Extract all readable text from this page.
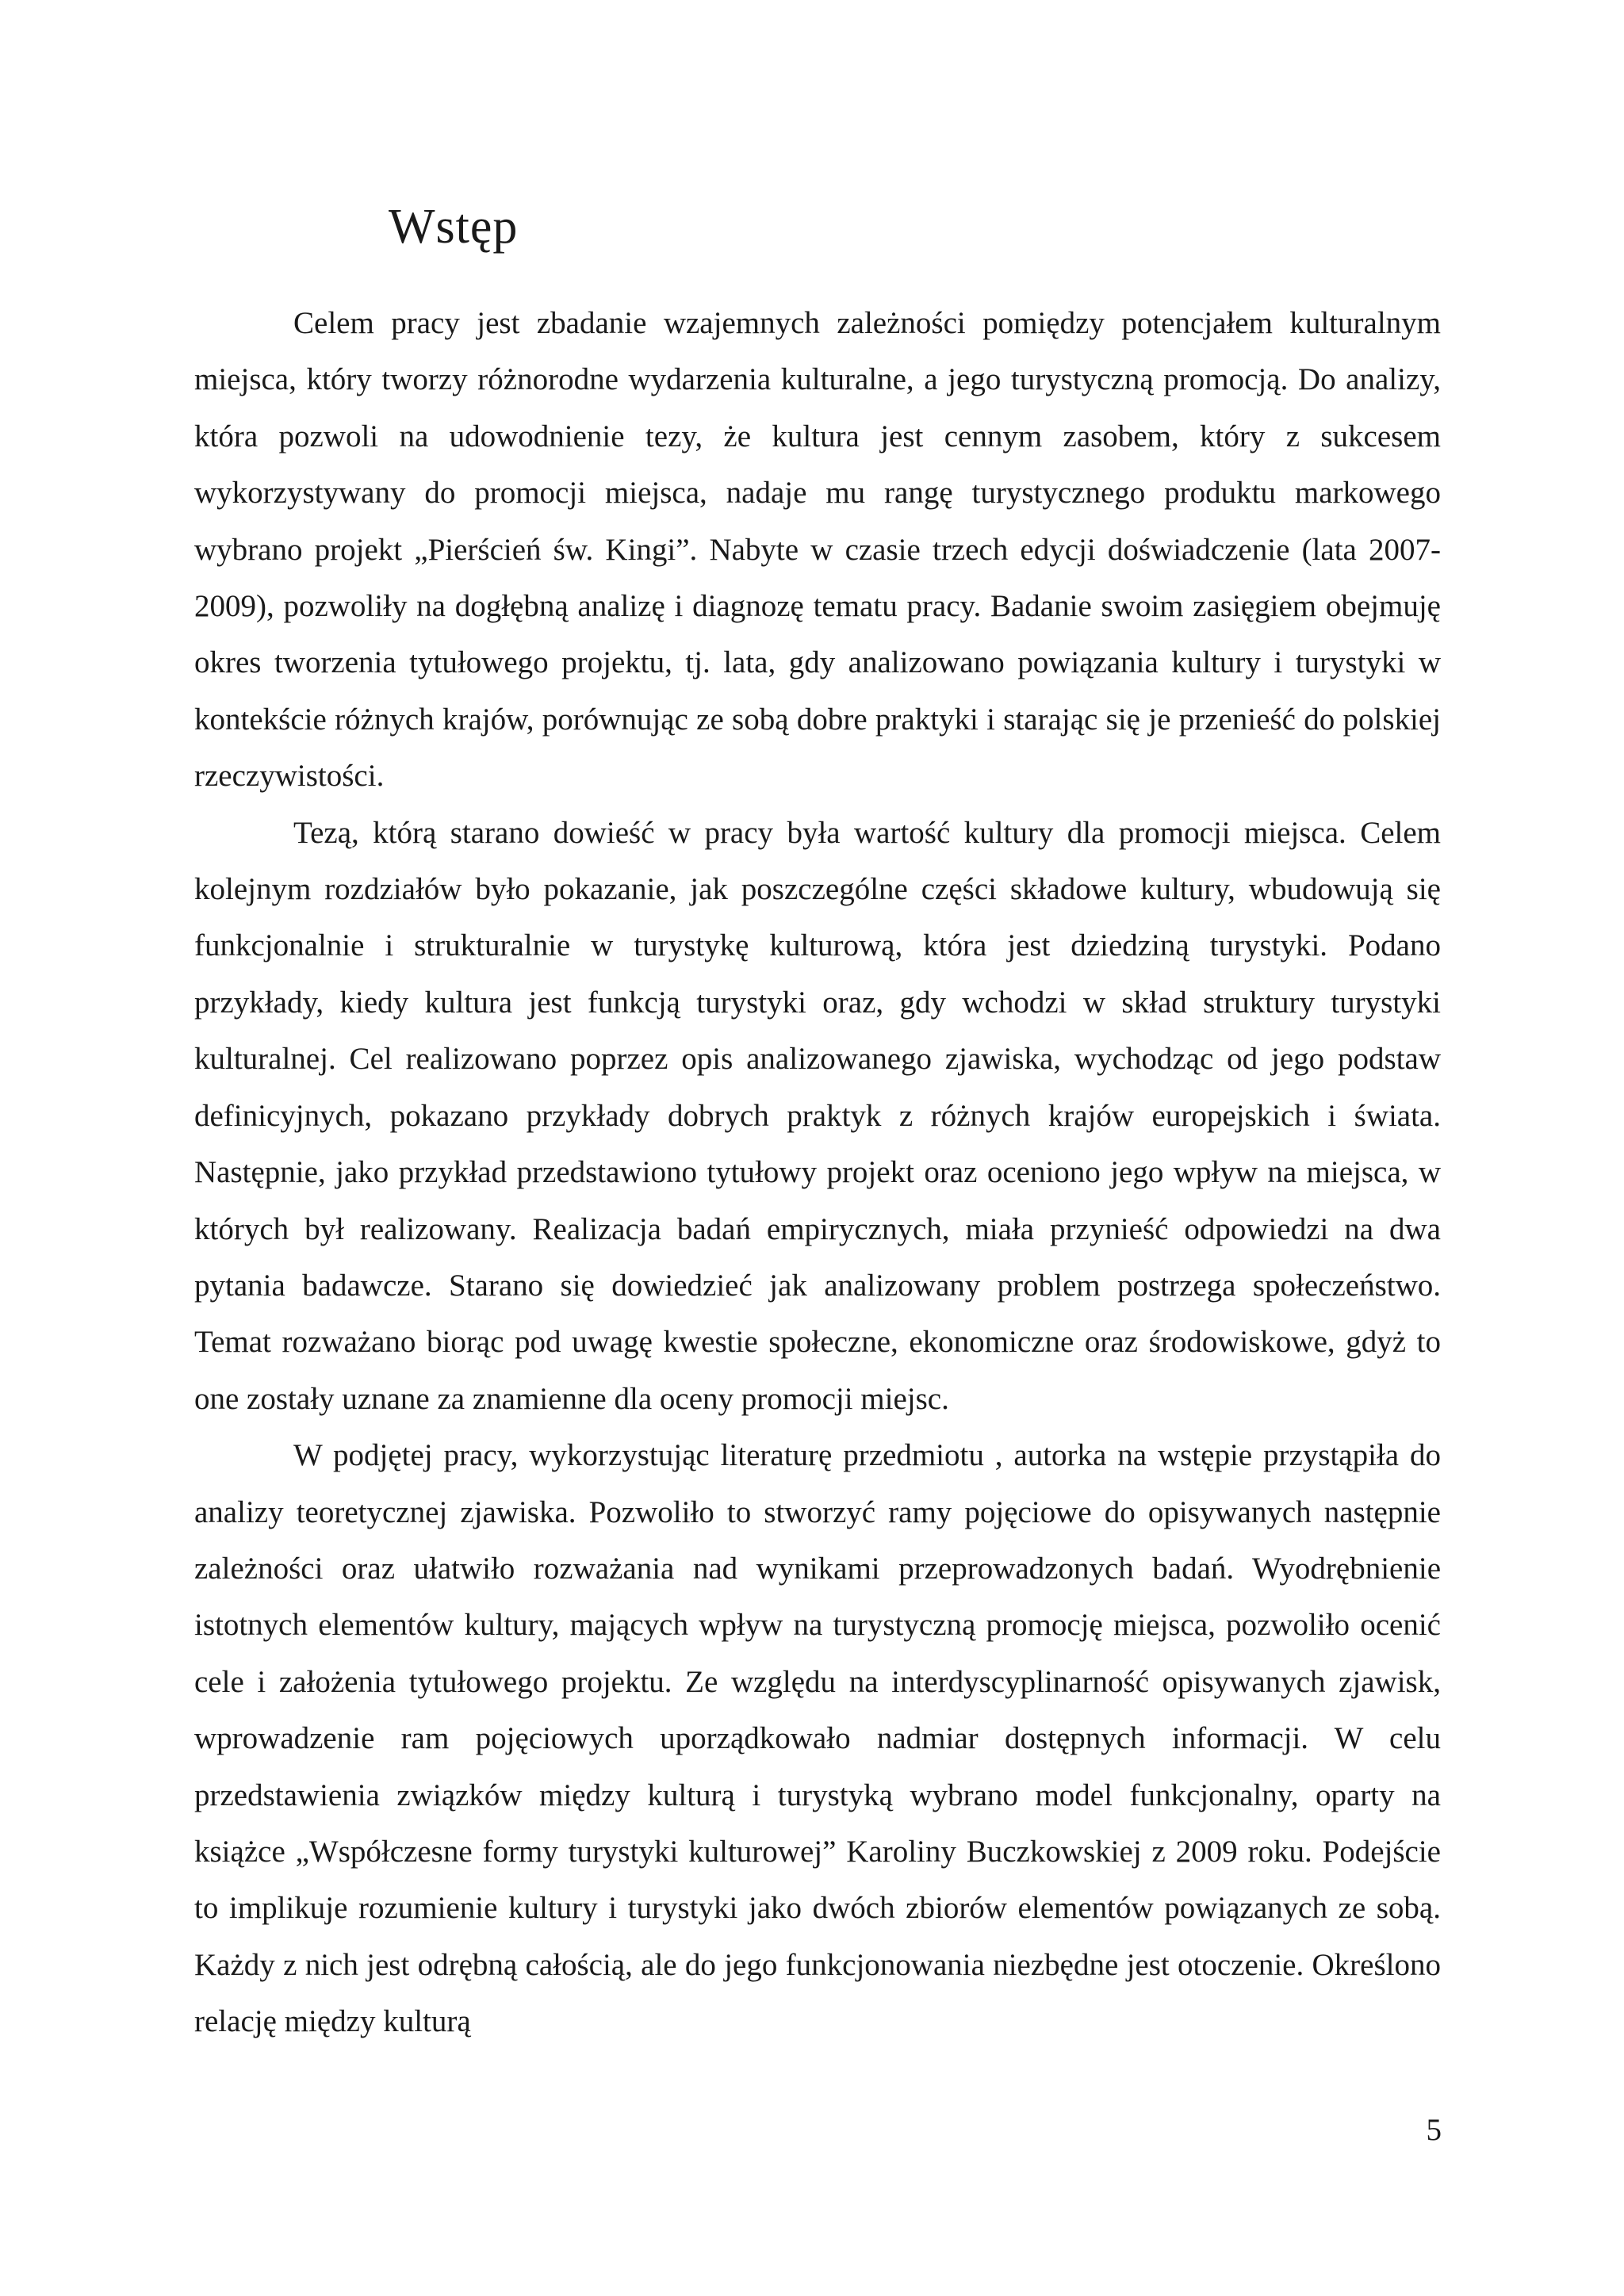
Wstęp

Celem pracy jest zbadanie wzajemnych zależności pomiędzy potencjałem kulturalnym miejsca, który tworzy różnorodne wydarzenia kulturalne, a jego turystyczną promocją. Do analizy, która pozwoli na udowodnienie tezy, że kultura jest cennym zasobem, który z sukcesem wykorzystywany do promocji miejsca, nadaje mu rangę turystycznego produktu markowego wybrano projekt „Pierścień św. Kingi”. Nabyte w czasie trzech edycji doświadczenie (lata 2007-2009), pozwoliły na dogłębną analizę i diagnozę tematu pracy. Badanie swoim zasięgiem obejmuję okres tworzenia tytułowego projektu, tj. lata, gdy analizowano powiązania kultury i turystyki w kontekście różnych krajów, porównując ze sobą dobre praktyki i starając się je przenieść do polskiej rzeczywistości.

Tezą, którą starano dowieść w pracy była wartość kultury dla promocji miejsca. Celem kolejnym rozdziałów było pokazanie, jak poszczególne części składowe kultury, wbudowują się funkcjonalnie i strukturalnie w turystykę kulturową, która jest dziedziną turystyki. Podano przykłady, kiedy kultura jest funkcją turystyki oraz, gdy wchodzi w skład struktury turystyki kulturalnej. Cel realizowano poprzez opis analizowanego zjawiska, wychodząc od jego podstaw definicyjnych, pokazano przykłady dobrych praktyk z różnych krajów europejskich i świata. Następnie, jako przykład przedstawiono tytułowy projekt oraz oceniono jego wpływ na miejsca, w których był realizowany. Realizacja badań empirycznych, miała przynieść odpowiedzi na dwa pytania badawcze. Starano się dowiedzieć jak analizowany problem postrzega społeczeństwo. Temat rozważano biorąc pod uwagę kwestie społeczne, ekonomiczne oraz środowiskowe, gdyż to one zostały uznane za znamienne dla oceny promocji miejsc.

W podjętej pracy, wykorzystując literaturę przedmiotu , autorka na wstępie przystąpiła do analizy teoretycznej zjawiska. Pozwoliło to stworzyć ramy pojęciowe do opisywanych następnie zależności oraz ułatwiło rozważania nad wynikami przeprowadzonych badań. Wyodrębnienie istotnych elementów kultury, mających wpływ na turystyczną promocję miejsca, pozwoliło ocenić cele i założenia tytułowego projektu. Ze względu na interdyscyplinarność opisywanych zjawisk, wprowadzenie ram pojęciowych uporządkowało nadmiar dostępnych informacji. W celu przedstawienia związków między kulturą i turystyką wybrano model funkcjonalny, oparty na książce „Współczesne formy turystyki kulturowej” Karoliny Buczkowskiej z 2009 roku. Podejście to implikuje rozumienie kultury i turystyki jako dwóch zbiorów elementów powiązanych ze sobą. Każdy z nich jest odrębną całością, ale do jego funkcjonowania niezbędne jest otoczenie. Określono relację między kulturą

5
